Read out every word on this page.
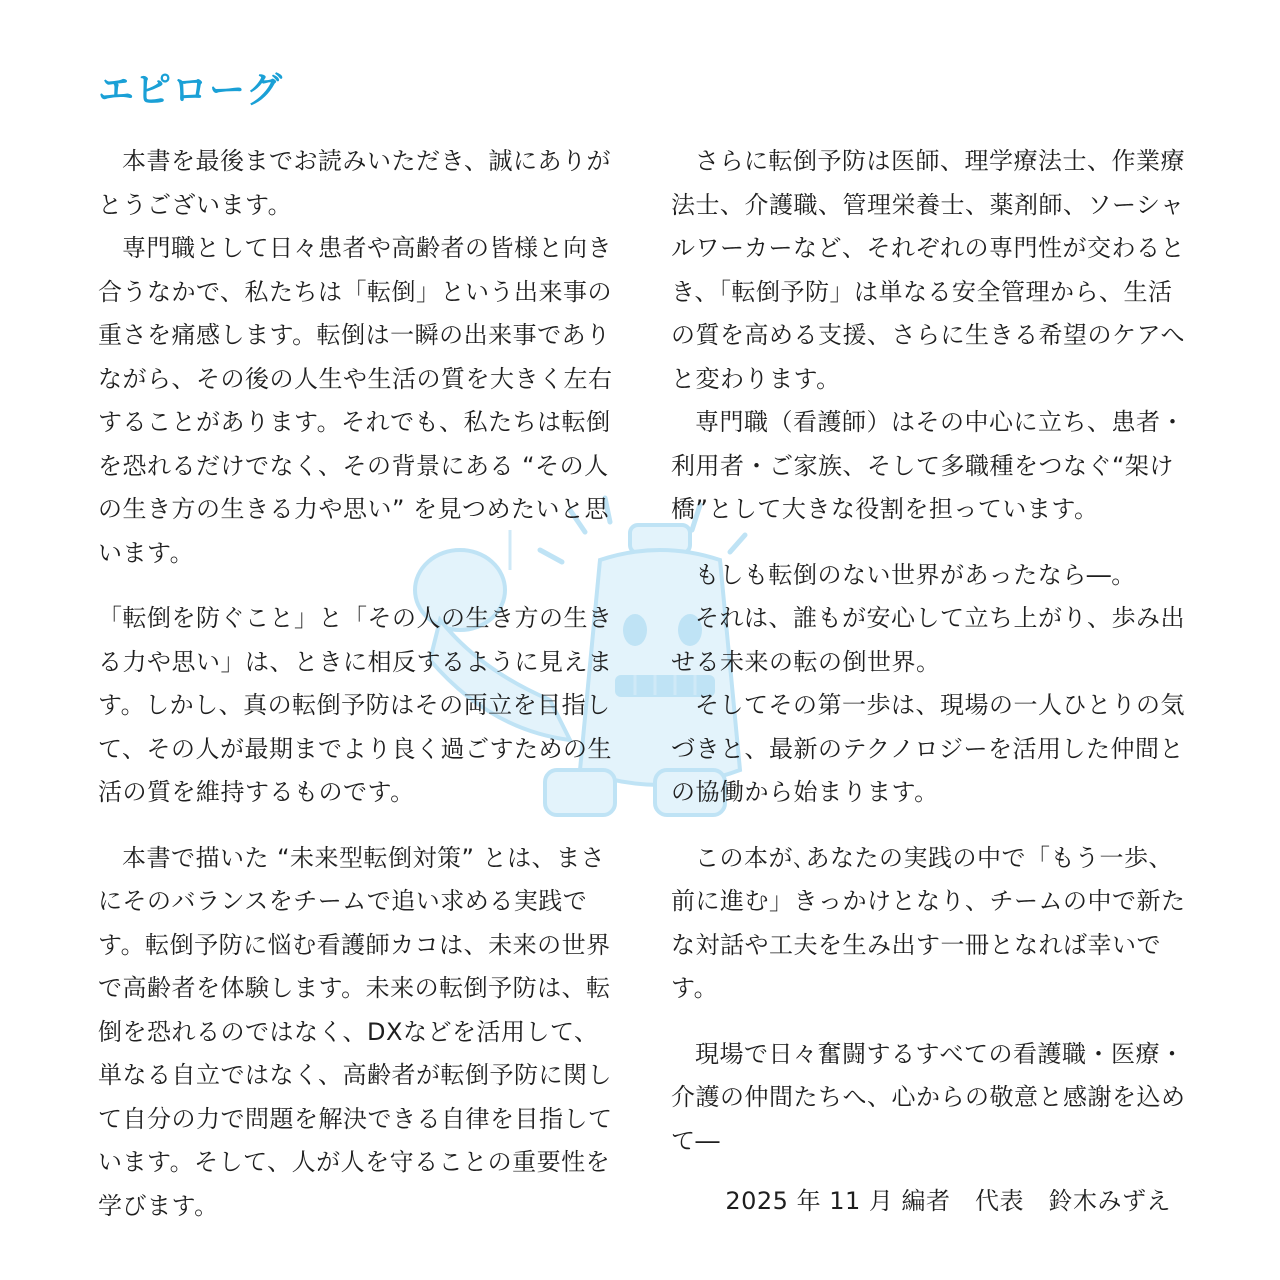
エピローグ

本書を最後までお読みいただき、誠にありがとうございます。

専門職として日々患者や高齢者の皆様と向き合うなかで、私たちは「転倒」という出来事の重さを痛感します。転倒は一瞬の出来事でありながら、その後の人生や生活の質を大きく左右することがあります。それでも、私たちは転倒を恐れるだけでなく、その背景にある “その人の生き方の生きる力や思い” を見つめたいと思います。

「転倒を防ぐこと」と「その人の生き方の生きる力や思い」は、ときに相反するように見えます。しかし、真の転倒予防はその両立を目指して、その人が最期までより良く過ごすための生活の質を維持するものです。

本書で描いた “未来型転倒対策” とは、まさにそのバランスをチームで追い求める実践です。転倒予防に悩む看護師カコは、未来の世界で高齢者を体験します。未来の転倒予防は、転倒を恐れるのではなく、DXなどを活用して、単なる自立ではなく、高齢者が転倒予防に関して自分の力で問題を解決できる自律を目指しています。そして、人が人を守ることの重要性を学びます。

さらに転倒予防は医師、理学療法士、作業療法士、介護職、管理栄養士、薬剤師、ソーシャルワーカーなど、それぞれの専門性が交わるとき、「転倒予防」は単なる安全管理から、生活の質を高める支援、さらに生きる希望のケアへと変わります。

専門職（看護師）はその中心に立ち、患者・利用者・ご家族、そして多職種をつなぐ“架け橋”として大きな役割を担っています。

もしも転倒のない世界があったなら―。

それは、誰もが安心して立ち上がり、歩み出せる未来の転の倒世界。

そしてその第一歩は、現場の一人ひとりの気づきと、最新のテクノロジーを活用した仲間との協働から始まります。

この本が､あなたの実践の中で「もう一歩、前に進む」きっかけとなり、チームの中で新たな対話や工夫を生み出す一冊となれば幸いです。

現場で日々奮闘するすべての看護職・医療・介護の仲間たちへ、心からの敬意と感謝を込めて―

2025 年 11 月 編者　代表　鈴木みずえ
